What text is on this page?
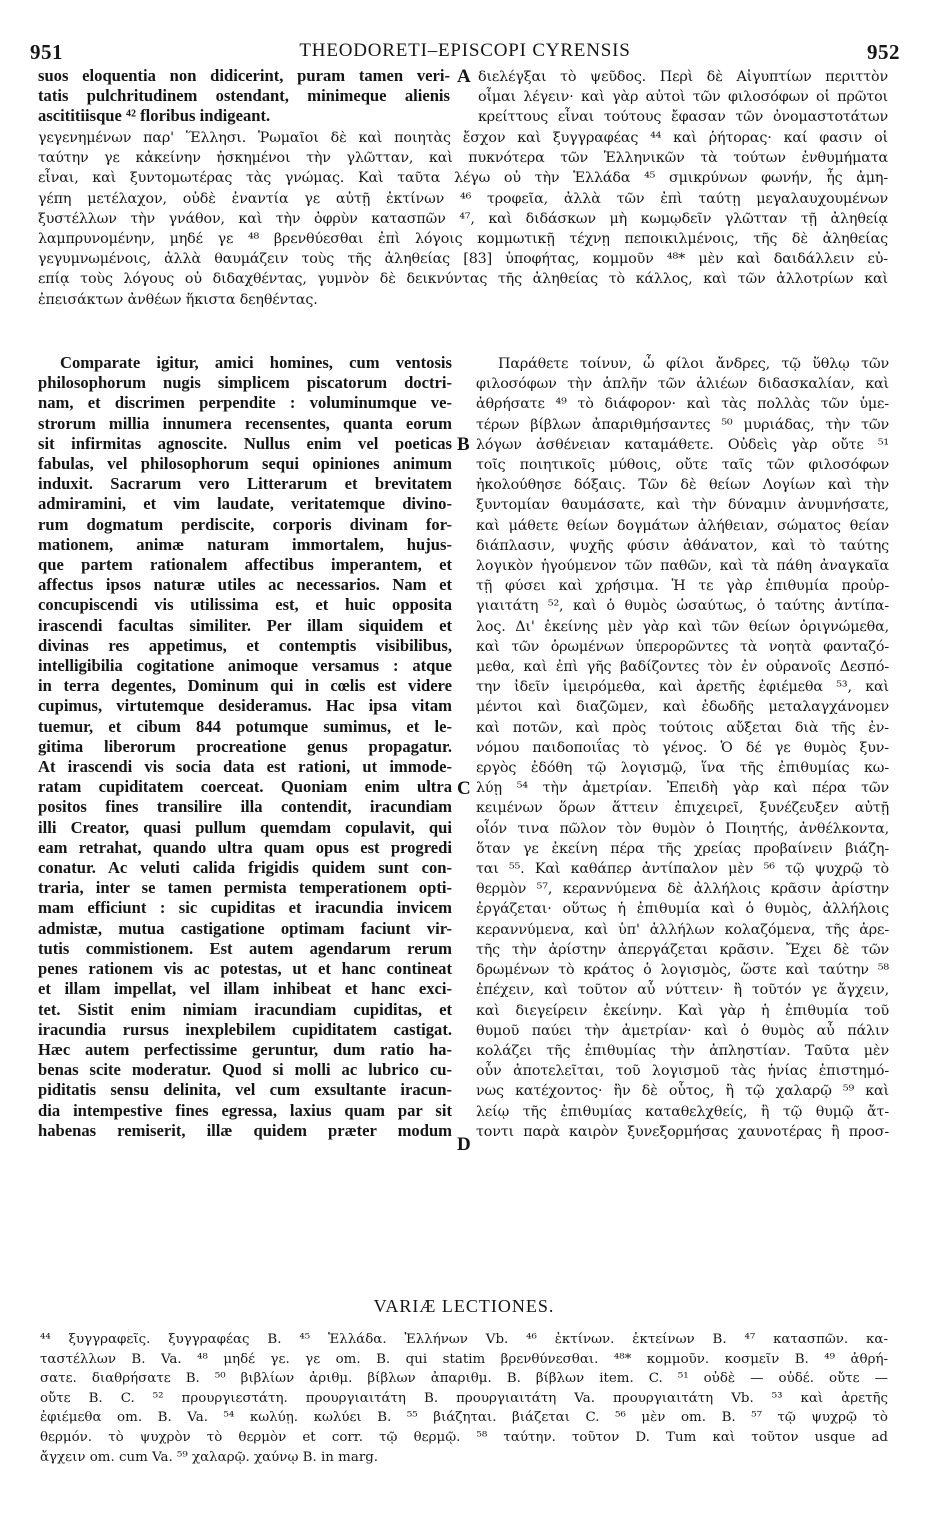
951	THEODORETI–EPISCOPI CYRENSIS	952
suos eloquentia non didicerint, puram tamen veri-
tatis pulchritudinem ostendant, minimeque alienis
ascititiisque ⁴² floribus indigeant.
A διελέγξαι τὸ ψεῦδος. Περὶ δὲ Αἰγυπτίων περιττὸν
οἶμαι λέγειν· καὶ γὰρ αὐτοὶ τῶν φιλοσόφων οἱ πρῶτοι
κρείττους εἶναι τούτους ἔφασαν τῶν ὀνομαστοτάτων
γεγενημένων παρ' Ἕλλησι. Ῥωμαῖοι δὲ καὶ ποιητὰς ἔσχον καὶ ξυγγραφέας ⁴⁴ καὶ ῥήτορας· καί φασιν οἱ
ταύτην γε κἀκείνην ἠσκημένοι τὴν γλῶτταν, καὶ πυκνότερα τῶν Ἑλληνικῶν τὰ τούτων ἐνθυμήματα
εἶναι, καὶ ξυντομωτέρας τὰς γνώμας. Καὶ ταῦτα λέγω οὐ τὴν Ἑλλάδα ⁴⁵ σμικρύνων φωνήν, ἧς ἀμη-
γέπη μετέλαχον, οὐδὲ ἐναντία γε αὐτῇ ἐκτίνων ⁴⁶ τροφεῖα, ἀλλὰ τῶν ἐπὶ ταύτῃ μεγαλαυχουμένων
ξυστέλλων τὴν γνάθον, καὶ τὴν ὀφρὺν κατασπῶν ⁴⁷, καὶ διδάσκων μὴ κωμῳδεῖν γλῶτταν τῇ ἀληθείᾳ
λαμπρυνομένην, μηδέ γε ⁴⁸ βρενθύεσθαι ἐπὶ λόγοις κομμωτικῇ τέχνῃ πεποικιλμένοις, τῆς δὲ ἀληθείας
γεγυμνωμένοις, ἀλλὰ θαυμάζειν τοὺς τῆς ἀληθείας [83] ὑποφήτας, κομμοῦν ⁴⁸* μὲν καὶ δαιδάλλειν εὐ-
επίᾳ τοὺς λόγους οὐ διδαχθέντας, γυμνὸν δὲ δεικνύντας τῆς ἀληθείας τὸ κάλλος, καὶ τῶν ἀλλοτρίων καὶ
ἐπεισάκτων ἀνθέων ἥκιστα δεηθέντας.
Comparate igitur, amici homines, cum ventosis
philosophorum nugis simplicem piscatorum doctri-
nam, et discrimen perpendite : voluminumque ve-
strorum millia innumera recensentes, quanta eorum
sit infirmitas agnoscite. Nullus enim vel poeticas
fabulas, vel philosophorum sequi opiniones animum
induxit. Sacrarum vero Litterarum et brevitatem
admiramini, et vim laudate, veritatemque divino-
rum dogmatum perdiscite, corporis divinam for-
mationem, animæ naturam immortalem, hujus-
que partem rationalem affectibus imperantem, et
affectus ipsos naturæ utiles ac necessarios. Nam et
concupiscendi vis utilissima est, et huic opposita
irascendi facultas similiter. Per illam siquidem et
divinas res appetimus, et contemptis visibilibus,
intelligibilia cogitatione animoque versamus : atque
in terra degentes, Dominum qui in cœlis est videre
cupimus, virtutemque desideramus. Hac ipsa vitam
tuemur, et cibum 844 potumque sumimus, et le-
gitima liberorum procreatione genus propagatur.
At irascendi vis socia data est rationi, ut immode-
ratam cupiditatem coerceat. Quoniam enim ultra
positos fines transilire illa contendit, iracundiam
illi Creator, quasi pullum quemdam copulavit, qui
eam retrahat, quando ultra quam opus est progredi
conatur. Ac veluti calida frigidis quidem sunt con-
traria, inter se tamen permista temperationem opti-
mam efficiunt : sic cupiditas et iracundia invicem
admistæ, mutua castigatione optimam faciunt vir-
tutis commistionem. Est autem agendarum rerum
penes rationem vis ac potestas, ut et hanc contineat
et illam impellat, vel illam inhibeat et hanc exci-
tet. Sistit enim nimiam iracundiam cupiditas, et
iracundia rursus inexplebilem cupiditatem castigat.
Hæc autem perfectissime geruntur, dum ratio ha-
benas scite moderatur. Quod si molli ac lubrico cu-
piditatis sensu delinita, vel cum exsultante iracun-
dia intempestive fines egressa, laxius quam par sit
habenas remiserit, illæ quidem præter modum
B
C
D
Παράθετε τοίνυν, ὦ φίλοι ἄνδρες, τῷ ὕθλῳ τῶν
φιλοσόφων τὴν ἁπλῆν τῶν ἁλιέων διδασκαλίαν, καὶ
ἀθρήσατε ⁴⁹ τὸ διάφορον· καὶ τὰς πολλὰς τῶν ὑμε-
τέρων βίβλων ἀπαριθμήσαντες ⁵⁰ μυριάδας, τὴν τῶν
λόγων ἀσθένειαν καταμάθετε. Οὐδεὶς γὰρ οὔτε ⁵¹
τοῖς ποιητικοῖς μύθοις, οὔτε ταῖς τῶν φιλοσόφων
ἠκολούθησε δόξαις. Τῶν δὲ θείων Λογίων καὶ τὴν
ξυντομίαν θαυμάσατε, καὶ τὴν δύναμιν ἀνυμνήσατε,
καὶ μάθετε θείων δογμάτων ἀλήθειαν, σώματος θείαν
διάπλασιν, ψυχῆς φύσιν ἀθάνατον, καὶ τὸ ταύτης
λογικὸν ἡγούμενον τῶν παθῶν, καὶ τὰ πάθη ἀναγκαῖα
τῇ φύσει καὶ χρήσιμα. Ἡ τε γὰρ ἐπιθυμία προὐρ-
γιαιτάτη ⁵², καὶ ὁ θυμὸς ὡσαύτως, ὁ ταύτης ἀντίπα-
λος. Δι' ἐκείνης μὲν γὰρ καὶ τῶν θείων ὀριγνώμεθα,
καὶ τῶν ὁρωμένων ὑπερορῶντες τὰ νοητὰ φανταζό-
μεθα, καὶ ἐπὶ γῆς βαδίζοντες τὸν ἐν οὐρανοῖς Δεσπό-
την ἰδεῖν ἱμειρόμεθα, καὶ ἀρετῆς ἐφιέμεθα ⁵³, καὶ
μέντοι καὶ διαζῶμεν, καὶ ἐδωδῆς μεταλαγχάνομεν
καὶ ποτῶν, καὶ πρὸς τούτοις αὔξεται διὰ τῆς ἐν-
νόμου παιδοποιΐας τὸ γένος. Ὁ δέ γε θυμὸς ξυν-
εργὸς ἐδόθη τῷ λογισμῷ, ἵνα τῆς ἐπιθυμίας κω-
λύῃ ⁵⁴ τὴν ἀμετρίαν. Ἐπειδὴ γὰρ καὶ πέρα τῶν
κειμένων ὅρων ἅττειν ἐπιχειρεῖ, ξυνέζευξεν αὐτῇ
οἷόν τινα πῶλον τὸν θυμὸν ὁ Ποιητής, ἀνθέλκοντα,
ὅταν γε ἐκείνη πέρα τῆς χρείας προβαίνειν βιάζη-
ται ⁵⁵. Καὶ καθάπερ ἀντίπαλον μὲν ⁵⁶ τῷ ψυχρῷ τὸ
θερμὸν ⁵⁷, κεραννύμενα δὲ ἀλλήλοις κρᾶσιν ἀρίστην
ἐργάζεται· οὕτως ἡ ἐπιθυμία καὶ ὁ θυμὸς, ἀλλήλοις
κεραννύμενα, καὶ ὑπ' ἀλλήλων κολαζόμενα, τῆς ἀρε-
τῆς τὴν ἀρίστην ἀπεργάζεται κρᾶσιν. Ἔχει δὲ τῶν
δρωμένων τὸ κράτος ὁ λογισμὸς, ὥστε καὶ ταύτην ⁵⁸
ἐπέχειν, καὶ τοῦτον αὖ νύττειν· ἢ τοῦτόν γε ἄγχειν,
καὶ διεγείρειν ἐκείνην. Καὶ γὰρ ἡ ἐπιθυμία τοῦ
θυμοῦ παύει τὴν ἀμετρίαν· καὶ ὁ θυμὸς αὖ πάλιν
κολάζει τῆς ἐπιθυμίας τὴν ἀπληστίαν. Ταῦτα μὲν
οὖν ἀποτελεῖται, τοῦ λογισμοῦ τὰς ἡνίας ἐπιστημό-
νως κατέχοντος· ἢν δὲ οὗτος, ἢ τῷ χαλαρῷ ⁵⁹ καὶ
λείῳ τῆς ἐπιθυμίας καταθελχθείς, ἢ τῷ θυμῷ ἄτ-
τοντι παρὰ καιρὸν ξυνεξορμήσας χαυνοτέρας ἢ προσ-
VARIÆ LECTIONES.
⁴⁴ ξυγγραφεῖς. ξυγγραφέας B. ⁴⁵ Ἑλλάδα. Ἑλλήνων Vb. ⁴⁶ ἐκτίνων. ἐκτείνων B. ⁴⁷ κατασπῶν. κα-
ταστέλλων B. Va. ⁴⁸ μηδέ γε. γε om. B. qui statim βρενθύνεσθαι. ⁴⁸* κομμοῦν. κοσμεῖν B. ⁴⁹ ἀθρή-
σατε. διαθρήσατε B. ⁵⁰ βιβλίων ἀριθμ. βίβλων ἀπαριθμ. B. βίβλων item. C. ⁵¹ οὐδὲ — οὐδέ. οὔτε —
οὔτε B. C. ⁵² προυργιεστάτη. προυργιαιτάτη B. προυργιαιτάτη Va. προυργιαιτάτη Vb. ⁵³ καὶ ἀρετῆς
ἐφιέμεθα om. B. Va. ⁵⁴ κωλύῃ. κωλύει B. ⁵⁵ βιάζηται. βιάζεται C. ⁵⁶ μὲν om. B. ⁵⁷ τῷ ψυχρῷ τὸ
θερμόν. τὸ ψυχρὸν τὸ θερμὸν et corr. τῷ θερμῷ. ⁵⁸ ταύτην. τοῦτον D. Tum καὶ τοῦτον usque ad
ἄγχειν om. cum Va. ⁵⁹ χαλαρῷ. χαύνῳ B. in marg.
